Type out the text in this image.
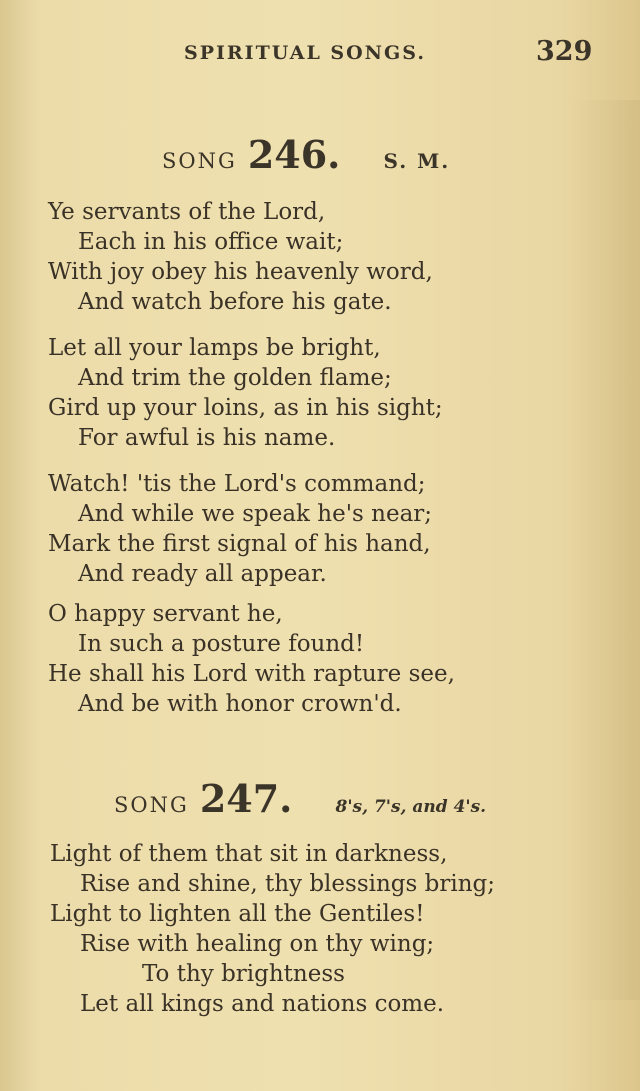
SPIRITUAL SONGS.	329
SONG 246. S. M.
Ye servants of the Lord,
Each in his office wait;
With joy obey his heavenly word,
And watch before his gate.
Let all your lamps be bright,
And trim the golden flame;
Gird up your loins, as in his sight;
For awful is his name.
Watch! 'tis the Lord's command;
And while we speak he's near;
Mark the first signal of his hand,
And ready all appear.
O happy servant he,
In such a posture found!
He shall his Lord with rapture see,
And be with honor crown'd.
SONG 247.	8's, 7's, and 4's.
Light of them that sit in darkness,
Rise and shine, thy blessings bring;
Light to lighten all the Gentiles!
Rise with healing on thy wing;
To thy brightness
Let all kings and nations come.
